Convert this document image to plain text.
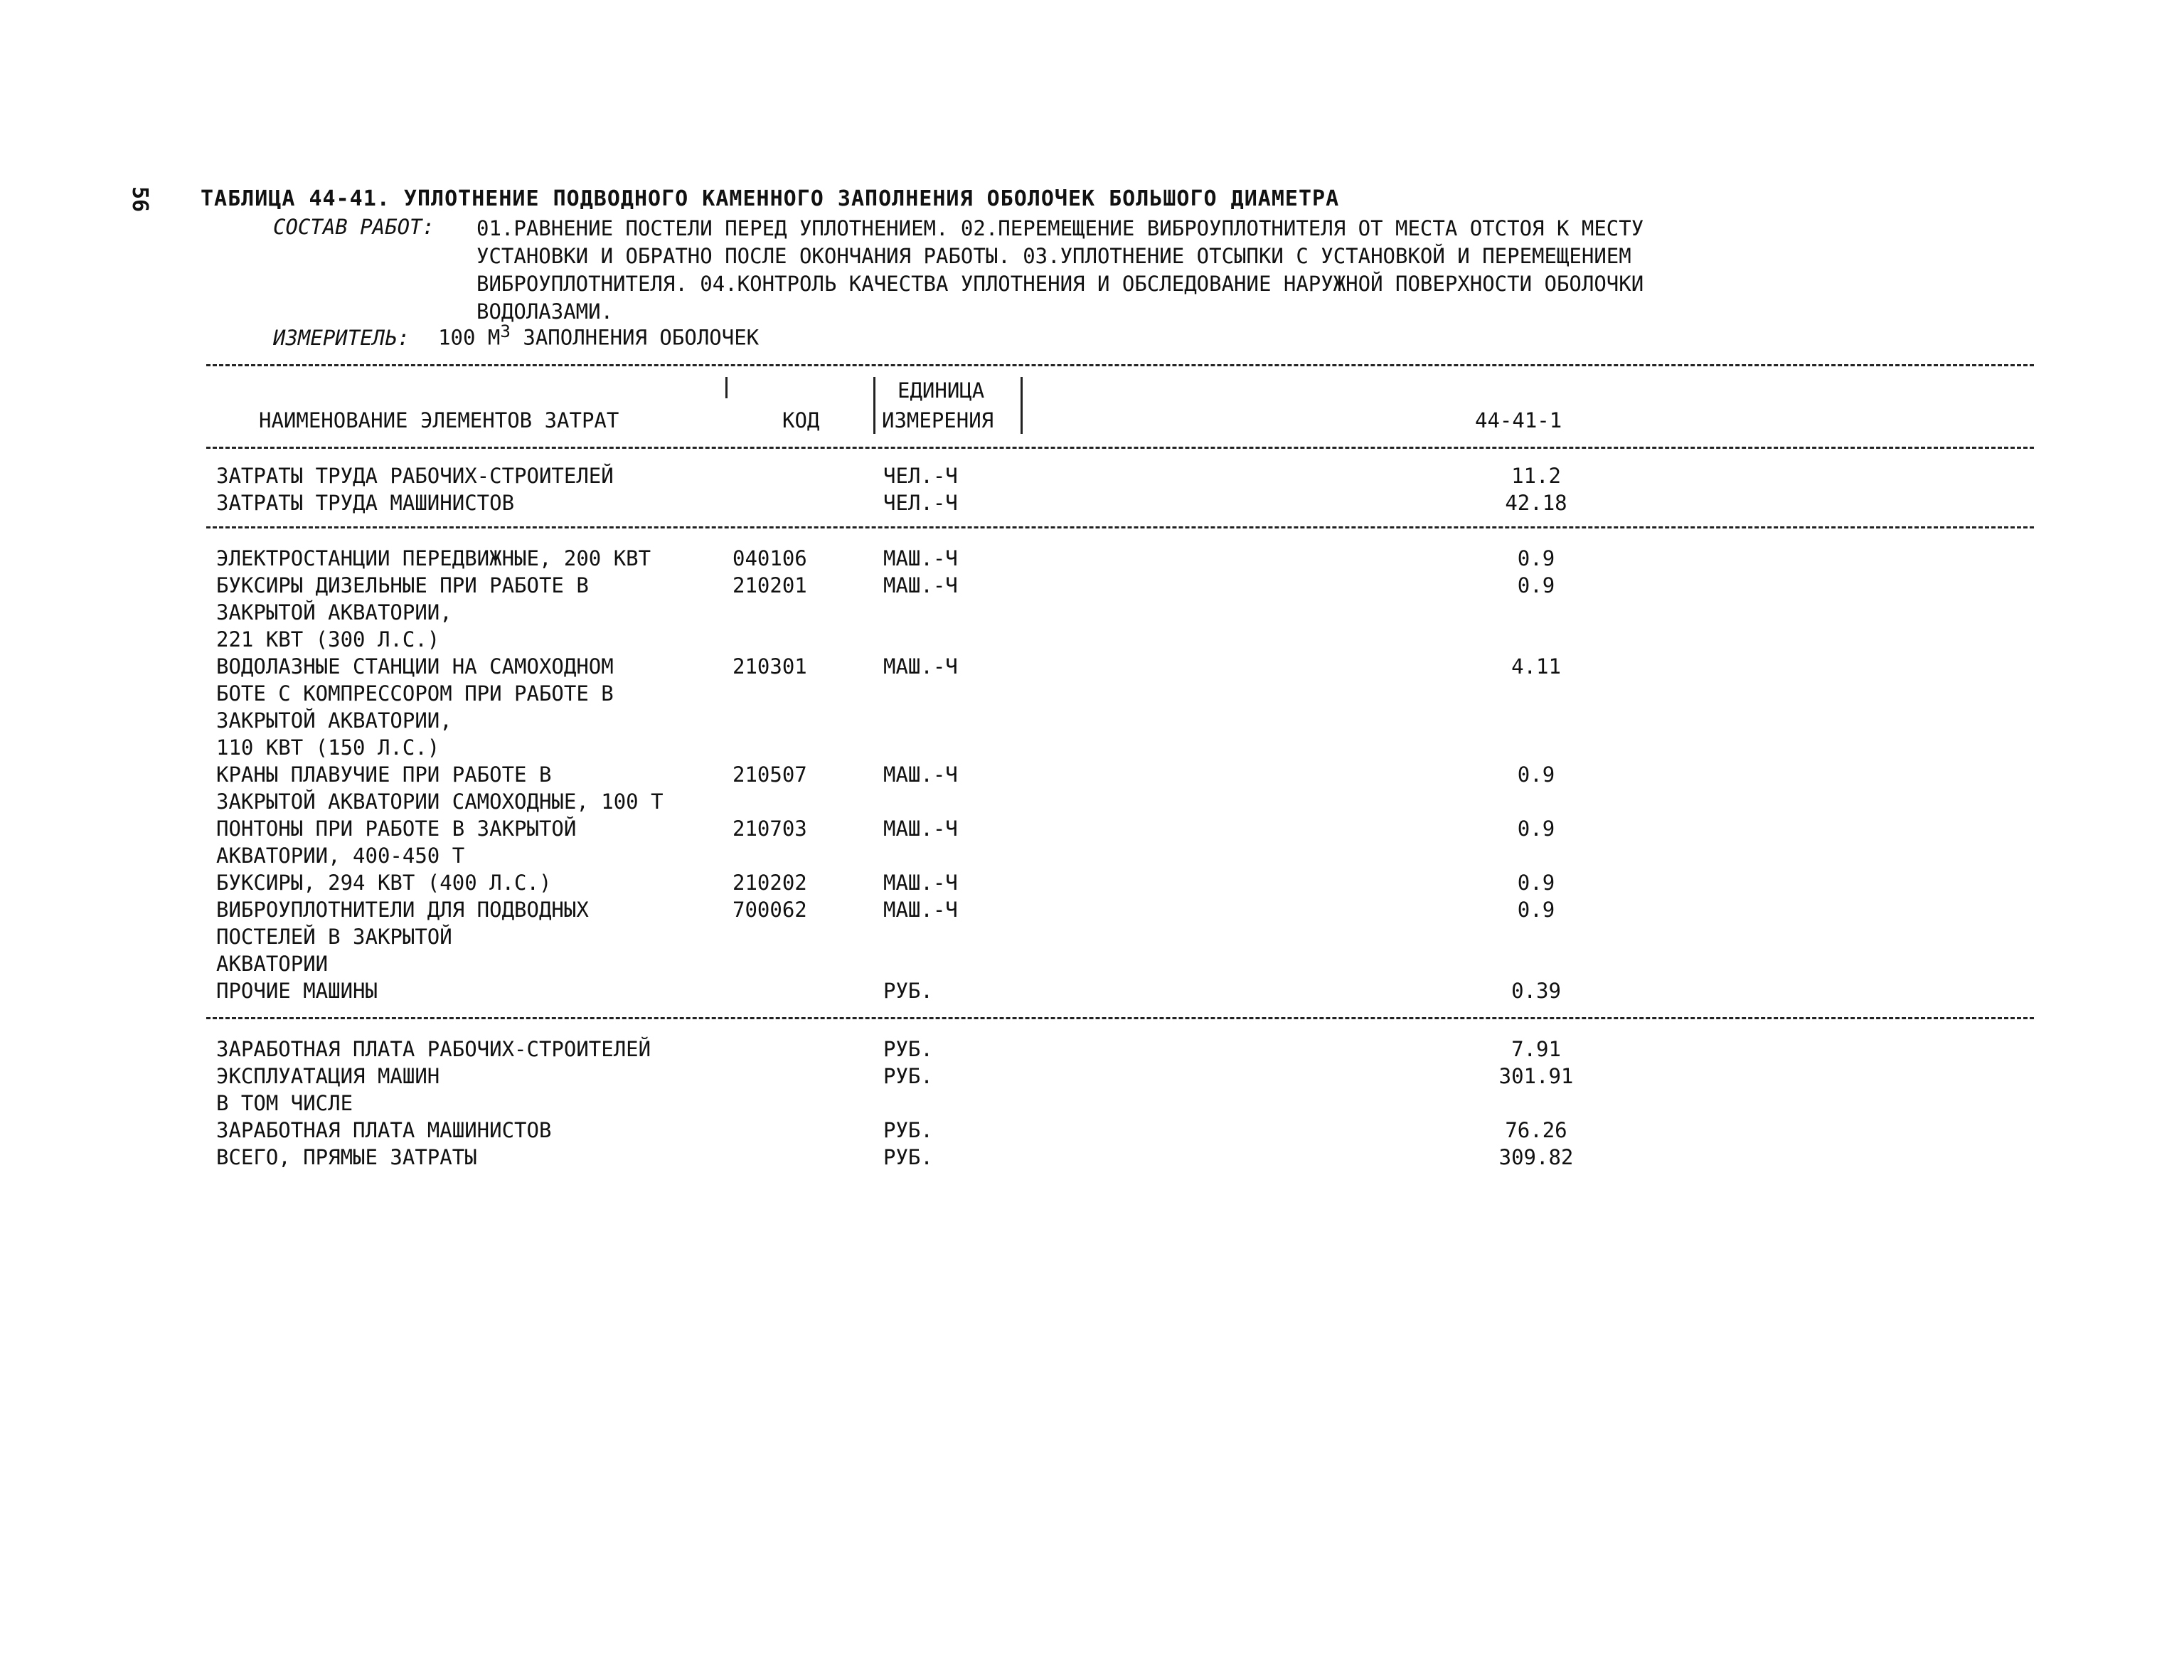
56 ТАБЛИЦА 44-41. УПЛОТНЕНИЕ ПОДВОДНОГО КАМЕННОГО ЗАПОЛНЕНИЯ ОБОЛОЧЕК БОЛЬШОГО ДИАМЕТРА
СОСТАВ РАБОТ: 01.РАВНЕНИЕ ПОСТЕЛИ ПЕРЕД УПЛОТНЕНИЕМ. 02.ПЕРЕМЕЩЕНИЕ ВИБРОУПЛОТНИТЕЛЯ ОТ МЕСТА ОТСТОЯ К МЕСТУ
УСТАНОВКИ И ОБРАТНО ПОСЛЕ ОКОНЧАНИЯ РАБОТЫ. 03.УПЛОТНЕНИЕ ОТСЫПКИ С УСТАНОВКОЙ И ПЕРЕМЕЩЕНИЕМ
ВИБРОУПЛОТНИТЕЛЯ. 04.КОНТРОЛЬ КАЧЕСТВА УПЛОТНЕНИЯ И ОБСЛЕДОВАНИЕ НАРУЖНОЙ ПОВЕРХНОСТИ ОБОЛОЧКИ
ВОДОЛАЗАМИ.
ИЗМЕРИТЕЛЬ: 100 $М^3$ ЗАПОЛНЕНИЯ ОБОЛОЧЕК
НАИМЕНОВАНИЕ ЭЛЕМЕНТОВ ЗАТРАТ	КОД
ЕДИНИЦА
ИЗМЕРЕНИЯ	44-41-1
ЗАТРАТЫ ТРУДА РАБОЧИХ-СТРОИТЕЛЕЙ	ЧЕЛ.-Ч	11.2
ЗАТРАТЫ ТРУДА МАШИНИСТОВ	ЧЕЛ.-Ч	42.18
ЭЛЕКТРОСТАНЦИИ ПЕРЕДВИЖНЫЕ, 200 КВТ	040106	МАШ.-Ч	0.9
БУКСИРЫ ДИЗЕЛЬНЫЕ ПРИ РАБОТЕ В
ЗАКРЫТОЙ АКВАТОРИИ,
221 КВТ (300 Л.С.)
210201	МАШ.-Ч	0.9
ВОДОЛАЗНЫЕ СТАНЦИИ НА САМОХОДНОМ
БОТЕ С КОМПРЕССОРОМ ПРИ РАБОТЕ В
ЗАКРЫТОЙ АКВАТОРИИ,
110 КВТ (150 Л.С.)
210301	МАШ.-Ч	4.11
КРАНЫ ПЛАВУЧИЕ ПРИ РАБОТЕ В
ЗАКРЫТОЙ АКВАТОРИИ САМОХОДНЫЕ, 100 Т
210507	МАШ.-Ч	0.9
ПОНТОНЫ ПРИ РАБОТЕ В ЗАКРЫТОЙ
АКВАТОРИИ, 400-450 Т
210703	МАШ.-Ч	0.9
БУКСИРЫ, 294 КВТ (400 Л.С.)	210202	МАШ.-Ч	0.9
ВИБРОУПЛОТНИТЕЛИ ДЛЯ ПОДВОДНЫХ
ПОСТЕЛЕЙ В ЗАКРЫТОЙ
АКВАТОРИИ
700062	МАШ.-Ч	0.9
ПРОЧИЕ МАШИНЫ	РУБ.	0.39
ЗАРАБОТНАЯ ПЛАТА РАБОЧИХ-СТРОИТЕЛЕЙ	РУБ.	7.91
ЭКСПЛУАТАЦИЯ МАШИН	РУБ.	301.91
В ТОМ ЧИСЛЕ
ЗАРАБОТНАЯ ПЛАТА МАШИНИСТОВ	РУБ.	76.26
ВСЕГО, ПРЯМЫЕ ЗАТРАТЫ	РУБ.	309.82
